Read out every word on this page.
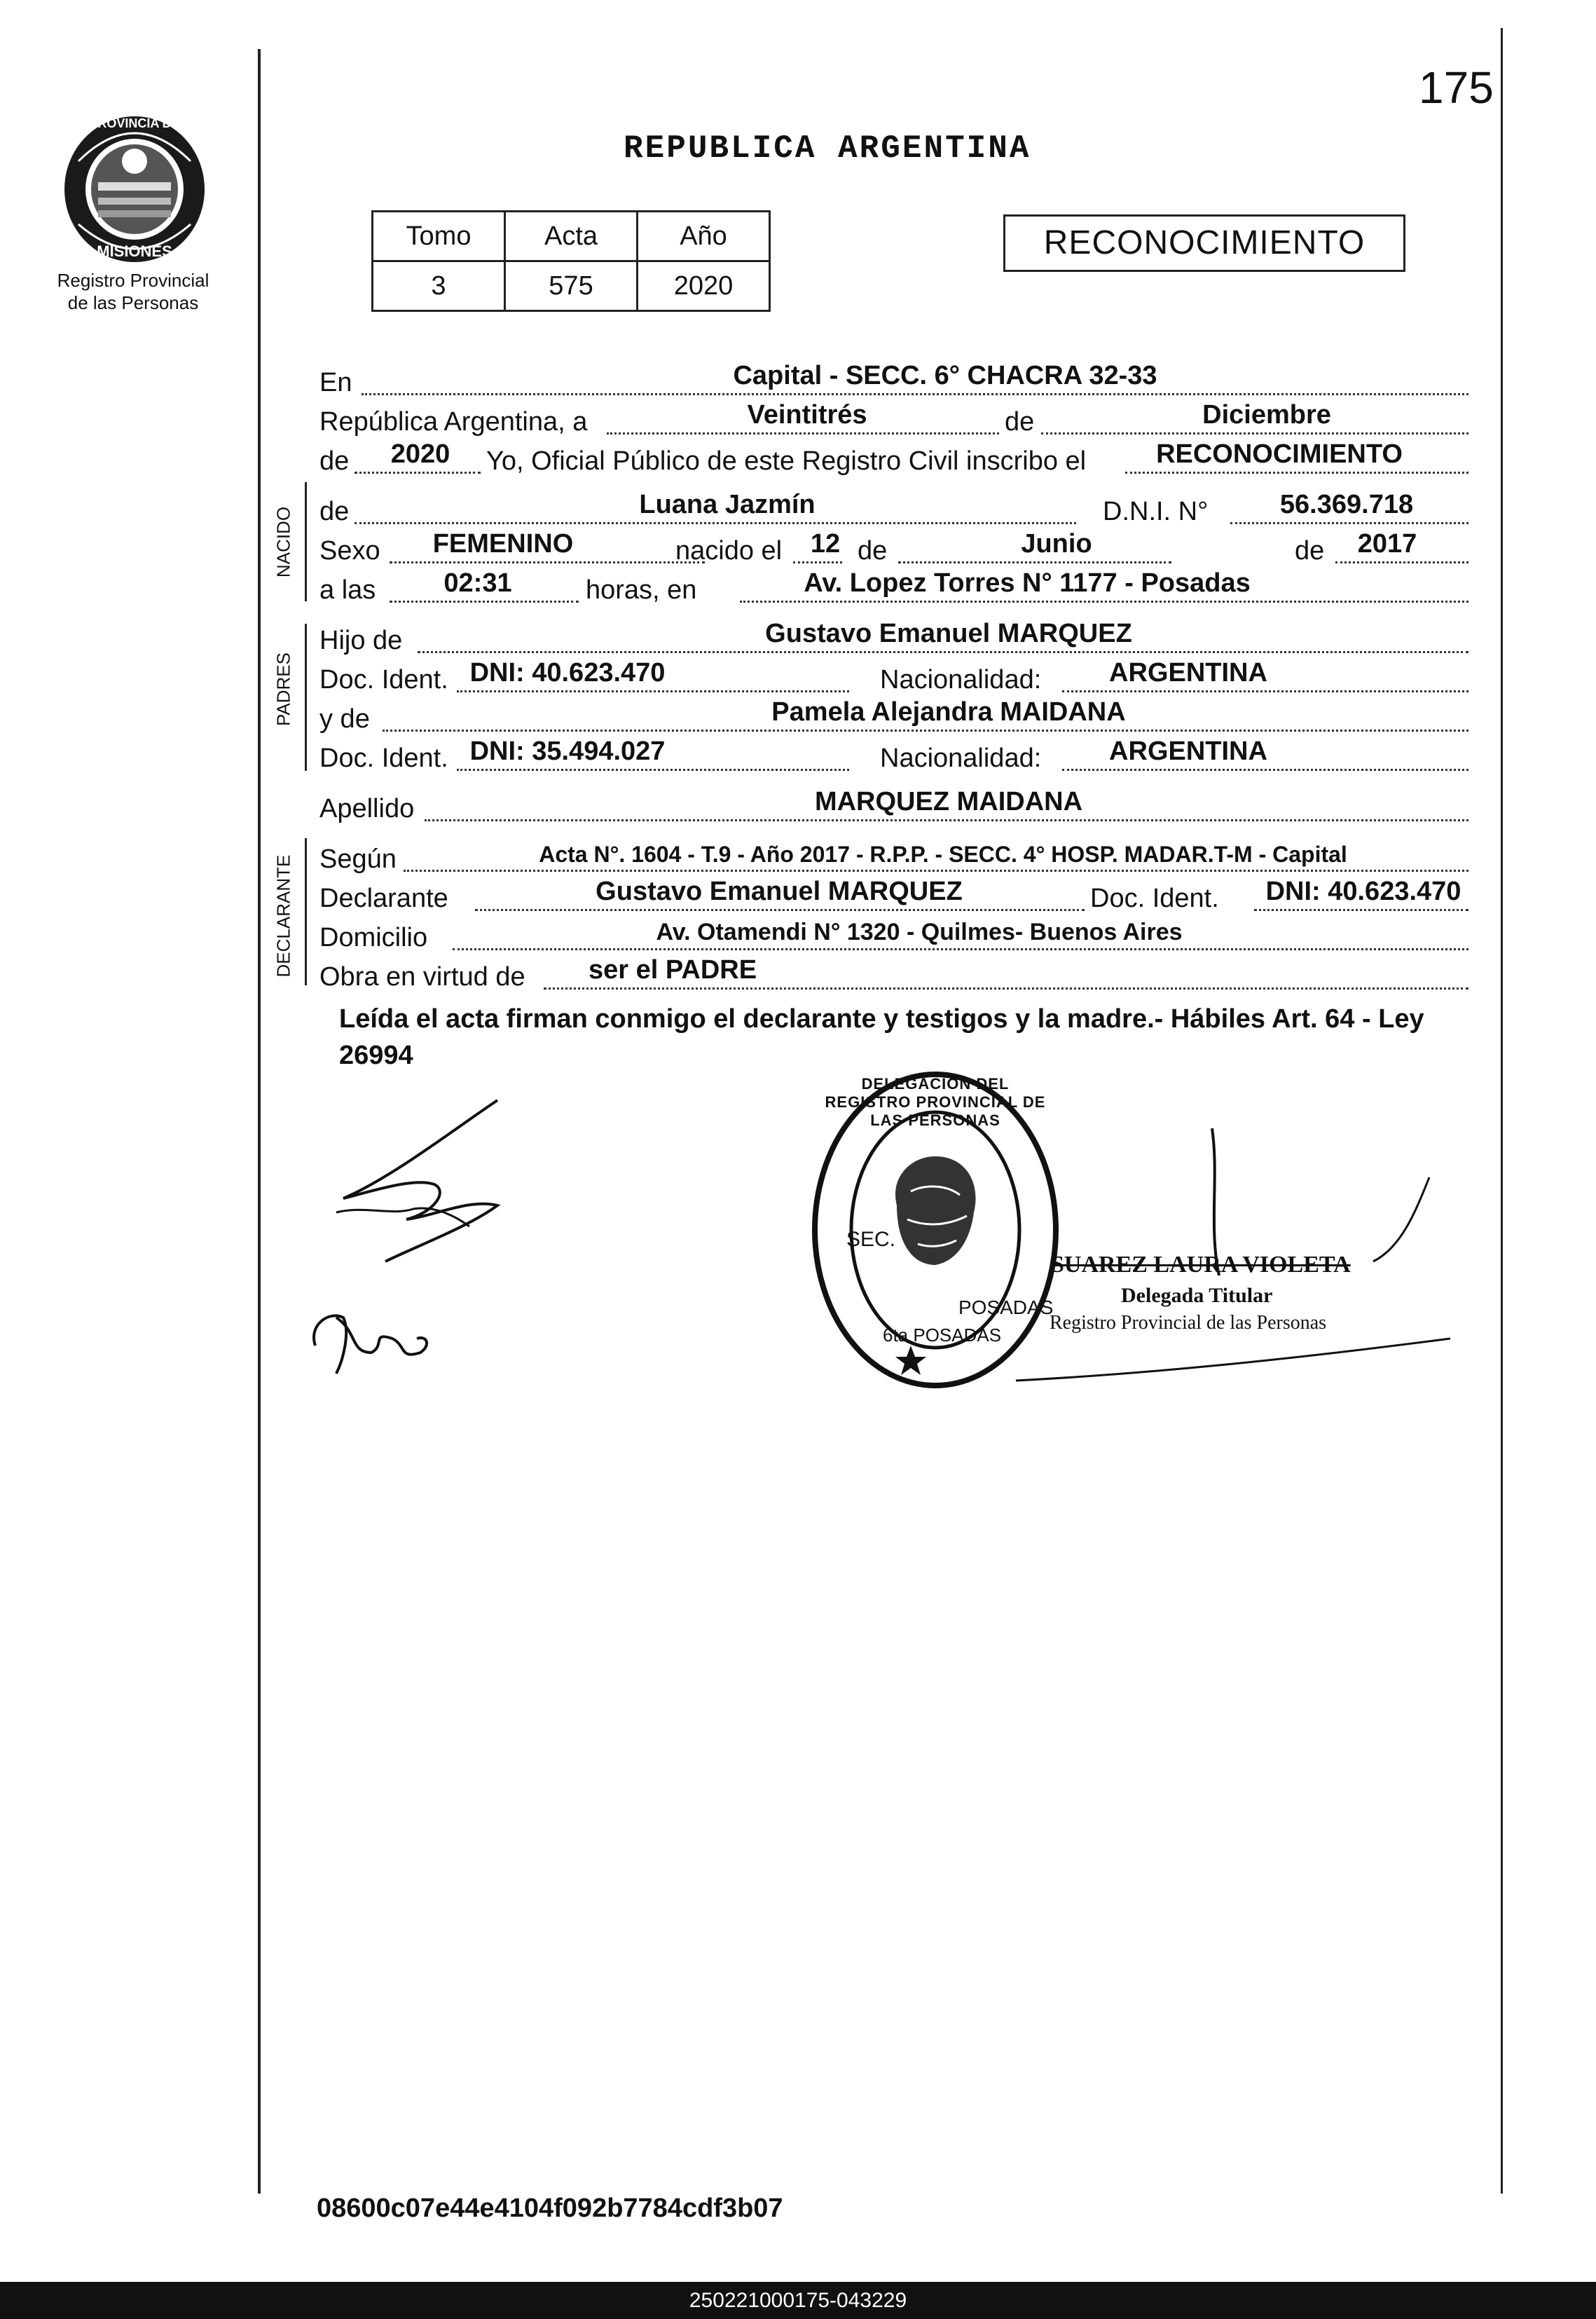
175
PROVINCIA DE
MISIONES
Registro Provincial
de las Personas
REPUBLICA ARGENTINA
Tomo	Acta	Año
3	575	2020
RECONOCIMIENTO
En	Capital - SECC. 6° CHACRA 32-33
República Argentina, a	Veintitrés	de	Diciembre
de 2020 Yo, Oficial Público de este Registro Civil inscribo el	RECONOCIMIENTO
NACIDO de	Luana Jazmín	D.N.I. N°	56.369.718
Sexo FEMENINO	nacido el 12 de	Junio	de 2017
a las	02:31	horas, en	Av. Lopez Torres N° 1177 - Posadas
PADRES
Hijo de	Gustavo Emanuel MARQUEZ
Doc. Ident. DNI: 40.623.470	Nacionalidad:	ARGENTINA
y de	Pamela Alejandra MAIDANA
Doc. Ident. DNI: 35.494.027	Nacionalidad:	ARGENTINA
Apellido	MARQUEZ MAIDANA
DECLARANTE Según	Acta N°. 1604 - T.9 - Año 2017 - R.P.P. - SECC. 4° HOSP. MADAR.T-M - Capital
Declarante	Gustavo Emanuel MARQUEZ	Doc. Ident. DNI: 40.623.470
Domicilio	Av. Otamendi N° 1320 - Quilmes- Buenos Aires
Obra en virtud de ser el PADRE
Leída el acta firman conmigo el declarante y testigos y la madre.- Hábiles Art. 64 - Ley 26994
DELEGACION DEL REGISTRO PROVINCIAL DE LAS PERSONAS
SEC.
POSADAS
6ta POSADAS
SUAREZ LAURA VIOLETA
Delegada Titular
Registro Provincial de las Personas
08600c07e44e4104f092b7784cdf3b07
250221000175-043229
